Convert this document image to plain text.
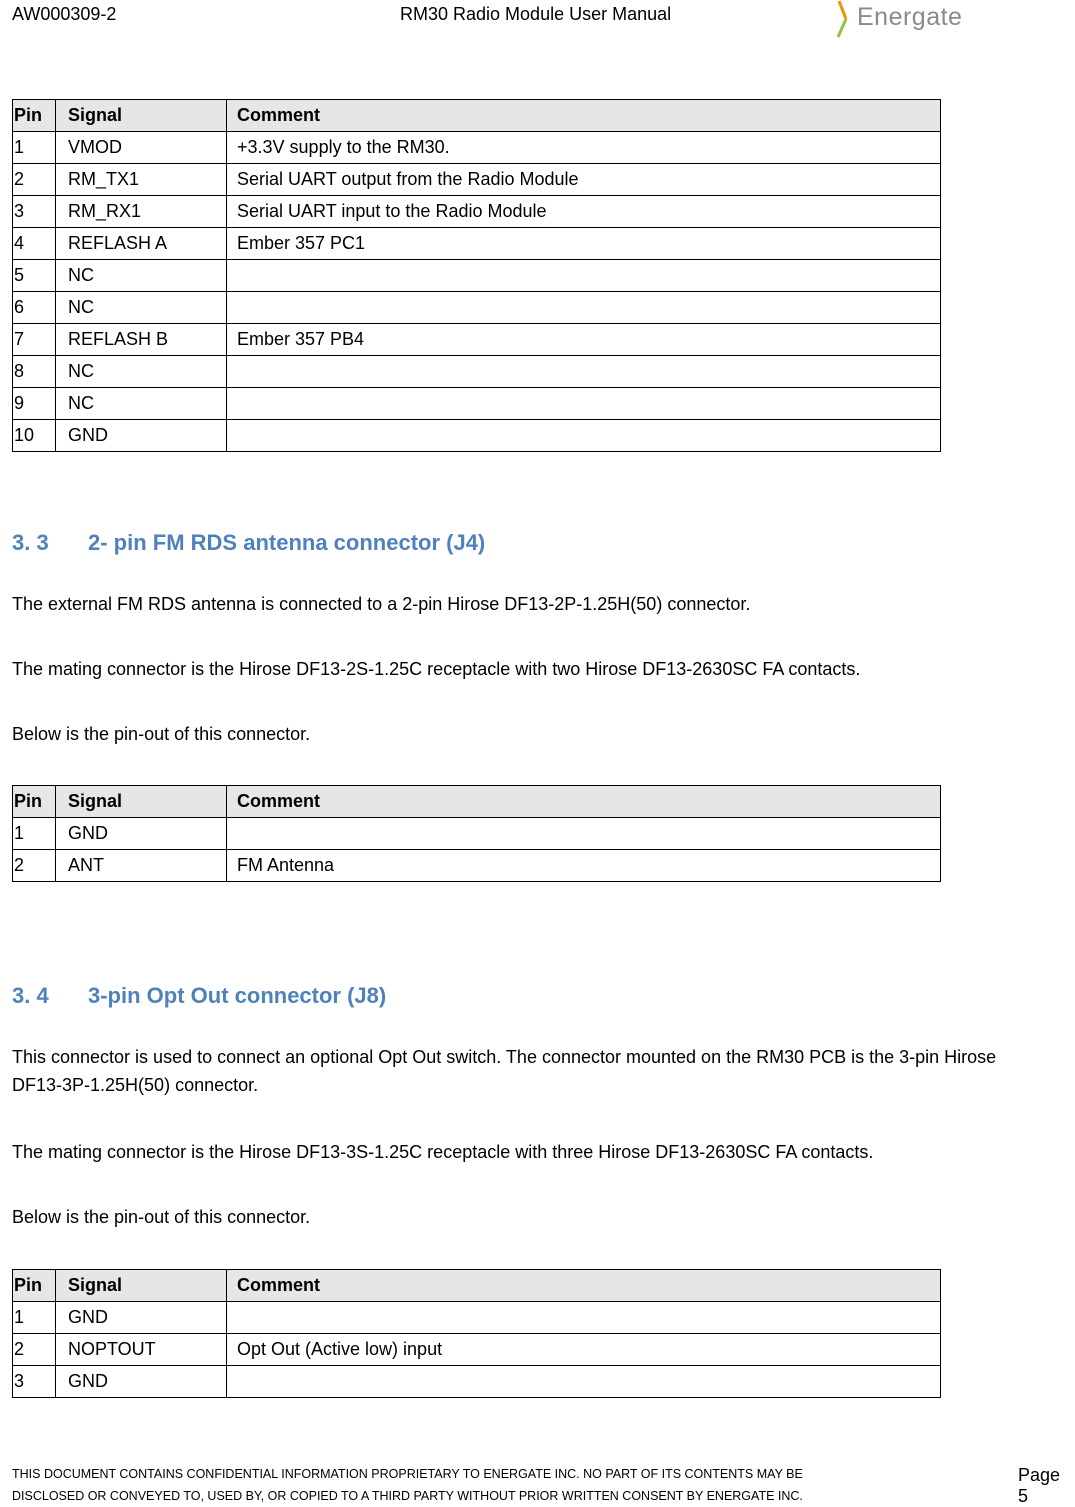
AW000309-2	RM30 Radio Module User Manual	Energate
Pin	Signal	Comment
1	VMOD	+3.3V supply to the RM30.
2	RM_TX1	Serial UART output from the Radio Module
3	RM_RX1	Serial UART input to the Radio Module
4	REFLASH A	Ember 357 PC1
5	NC	
6	NC	
7	REFLASH B	Ember 357 PB4
8	NC	
9	NC	
10	GND	
3. 3 2- pin FM RDS antenna connector (J4)
The external FM RDS antenna is connected to a 2-pin Hirose DF13-2P-1.25H(50) connector.
The mating connector is the Hirose DF13-2S-1.25C receptacle with two Hirose DF13-2630SC FA contacts.
Below is the pin-out of this connector.
Pin	Signal	Comment
1	GND	
2	ANT	FM Antenna
3. 4 3-pin Opt Out connector (J8)
This connector is used to connect an optional Opt Out switch. The connector mounted on the RM30 PCB is the 3-pin Hirose DF13-3P-1.25H(50) connector.
The mating connector is the Hirose DF13-3S-1.25C receptacle with three Hirose DF13-2630SC FA contacts.
Below is the pin-out of this connector.
Pin	Signal	Comment
1	GND	
2	NOPTOUT	Opt Out (Active low) input
3	GND	
THIS DOCUMENT CONTAINS CONFIDENTIAL INFORMATION PROPRIETARY TO ENERGATE INC. NO PART OF ITS CONTENTS MAY BE
DISCLOSED OR CONVEYED TO, USED BY, OR COPIED TO A THIRD PARTY WITHOUT PRIOR WRITTEN CONSENT BY ENERGATE INC.
Page 5
